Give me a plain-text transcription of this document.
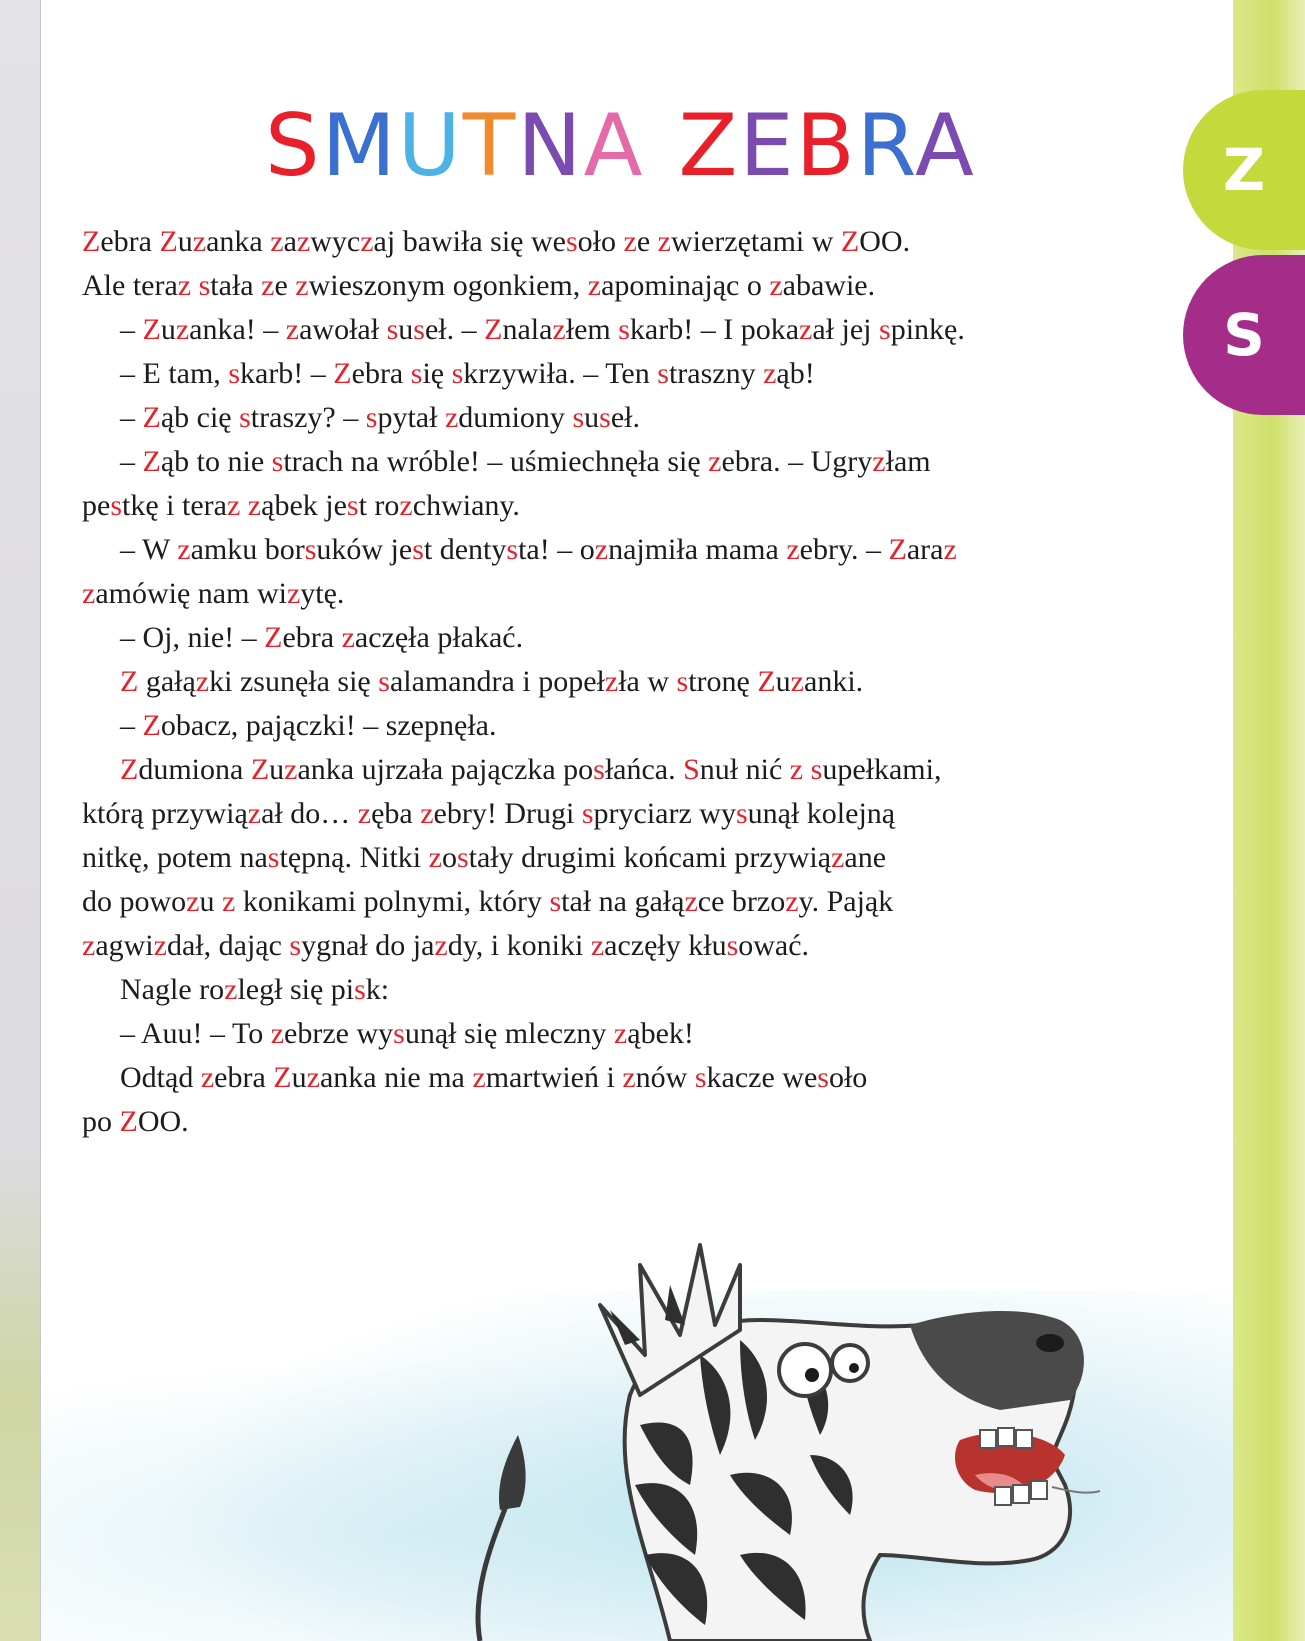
Z
S
SMUTNA ZEBRA

Zebra Zuzanka zazwyczaj bawiła się wesoło ze zwierzętami w ZOO.

Ale teraz stała ze zwieszonym ogonkiem, zapominając o zabawie.

– Zuzanka! – zawołał suseł. – Znalazłem skarb! – I pokazał jej spinkę.

– E tam, skarb! – Zebra się skrzywiła. – Ten straszny ząb!

– Ząb cię straszy? – spytał zdumiony suseł.

– Ząb to nie strach na wróble! – uśmiechnęła się zebra. – Ugryzłam

pestkę i teraz ząbek jest rozchwiany.

– W zamku borsuków jest dentysta! – oznajmiła mama zebry. – Zaraz

zamówię nam wizytę.

– Oj, nie! – Zebra zaczęła płakać.

Z gałązki zsunęła się salamandra i popełzła w stronę Zuzanki.

– Zobacz, pajączki! – szepnęła.

Zdumiona Zuzanka ujrzała pajączka posłańca. Snuł nić z supełkami,

którą przywiązał do… zęba zebry! Drugi spryciarz wysunął kolejną

nitkę, potem następną. Nitki zostały drugimi końcami przywiązane

do powozu z konikami polnymi, który stał na gałązce brzozy. Pająk

zagwizdał, dając sygnał do jazdy, i koniki zaczęły kłusować.

Nagle rozległ się pisk:

– Auu! – To zebrze wysunął się mleczny ząbek!

Odtąd zebra Zuzanka nie ma zmartwień i znów skacze wesoło

po ZOO.
